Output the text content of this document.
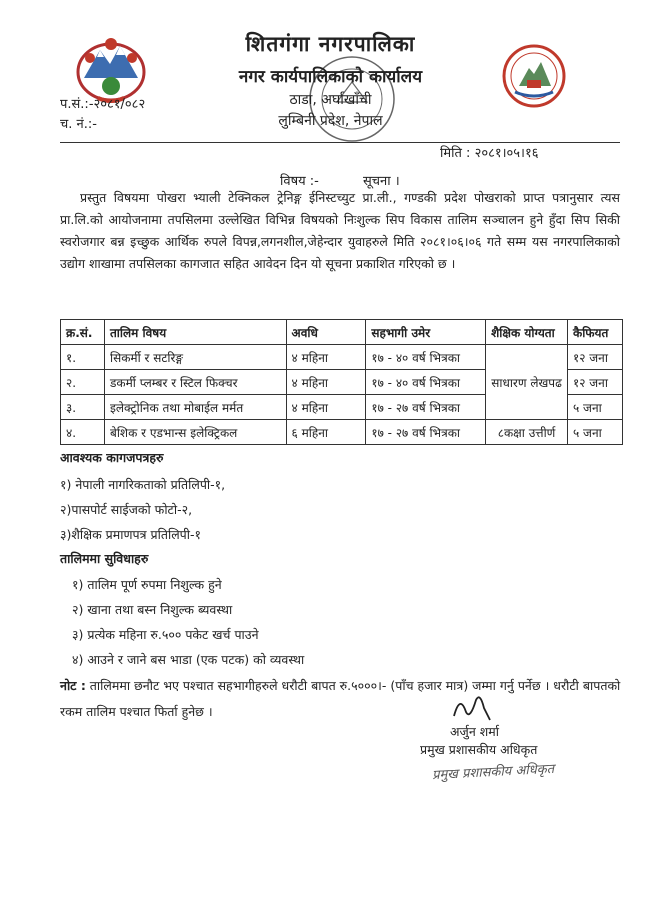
शितगंगा नगरपालिका
नगर कार्यपालिकाको कार्यालय
ठाडा, अर्घाखाँची
लुम्बिनी प्रदेश, नेपाल
प.सं.:-२०८१/०८२
च. नं.:-
मिति : २०८१।०५।१६
विषय :-	सूचना ।
प्रस्तुत विषयमा पोखरा भ्याली टेक्निकल ट्रेनिङ्ग ईनिस्टच्युट प्रा.ली., गण्डकी प्रदेश पोखराको प्राप्त पत्रानुसार त्यस प्रा.लि.को आयोजनामा तपसिलमा उल्लेखित विभिन्न विषयको निःशुल्क सिप विकास तालिम सञ्चालन हुने हुँदा सिप सिकी स्वरोजगार बन्न इच्छुक आर्थिक रुपले विपन्न,लगनशील,जेहेन्दार युवाहरुले मिति २०८१।०६।०६ गते सम्म यस नगरपालिकाको उद्योग शाखामा तपसिलका कागजात सहित आवेदन दिन यो सूचना प्रकाशित गरिएको छ ।
क्र.सं.	तालिम विषय	अवधि	सहभागी उमेर	शैक्षिक योग्यता	कैफियत
१.	सिकर्मी र सटरिङ्ग	४ महिना	१७ - ४० वर्ष भित्रका	साधारण लेखपढ	१२ जना
२.	डकर्मी प्लम्बर र स्टिल फिक्चर	४ महिना	१७ - ४० वर्ष भित्रका		१२ जना
३.	इलेक्ट्रोनिक तथा मोबाईल मर्मत	४ महिना	१७ - २७ वर्ष भित्रका		५ जना
४.	बेशिक र एडभान्स इलेक्ट्रिकल	६ महिना	१७ - २७ वर्ष भित्रका	८कक्षा उत्तीर्ण	५ जना
आवश्यक कागजपत्रहरु
१) नेपाली नागरिकताको प्रतिलिपी-१,
२)पासपोर्ट साईजको फोटो-२,
३)शैक्षिक प्रमाणपत्र प्रतिलिपी-१
तालिममा सुविधाहरु
१) तालिम पूर्ण रुपमा निशुल्क हुने
२) खाना तथा बस्न निशुल्क ब्यवस्था
३) प्रत्येक महिना रु.५०० पकेट खर्च पाउने
४) आउने र जाने बस भाडा (एक पटक) को व्यवस्था
नोट : तालिममा छनौट भए पश्चात सहभागीहरुले धरौटी बापत रु.५०००।- (पाँच हजार मात्र) जम्मा गर्नु पर्नेछ । धरौटी बापतको रकम तालिम पश्चात फिर्ता हुनेछ ।
अर्जुन शर्मा
प्रमुख प्रशासकीय अधिकृत
प्रमुख प्रशासकीय अधिकृत
